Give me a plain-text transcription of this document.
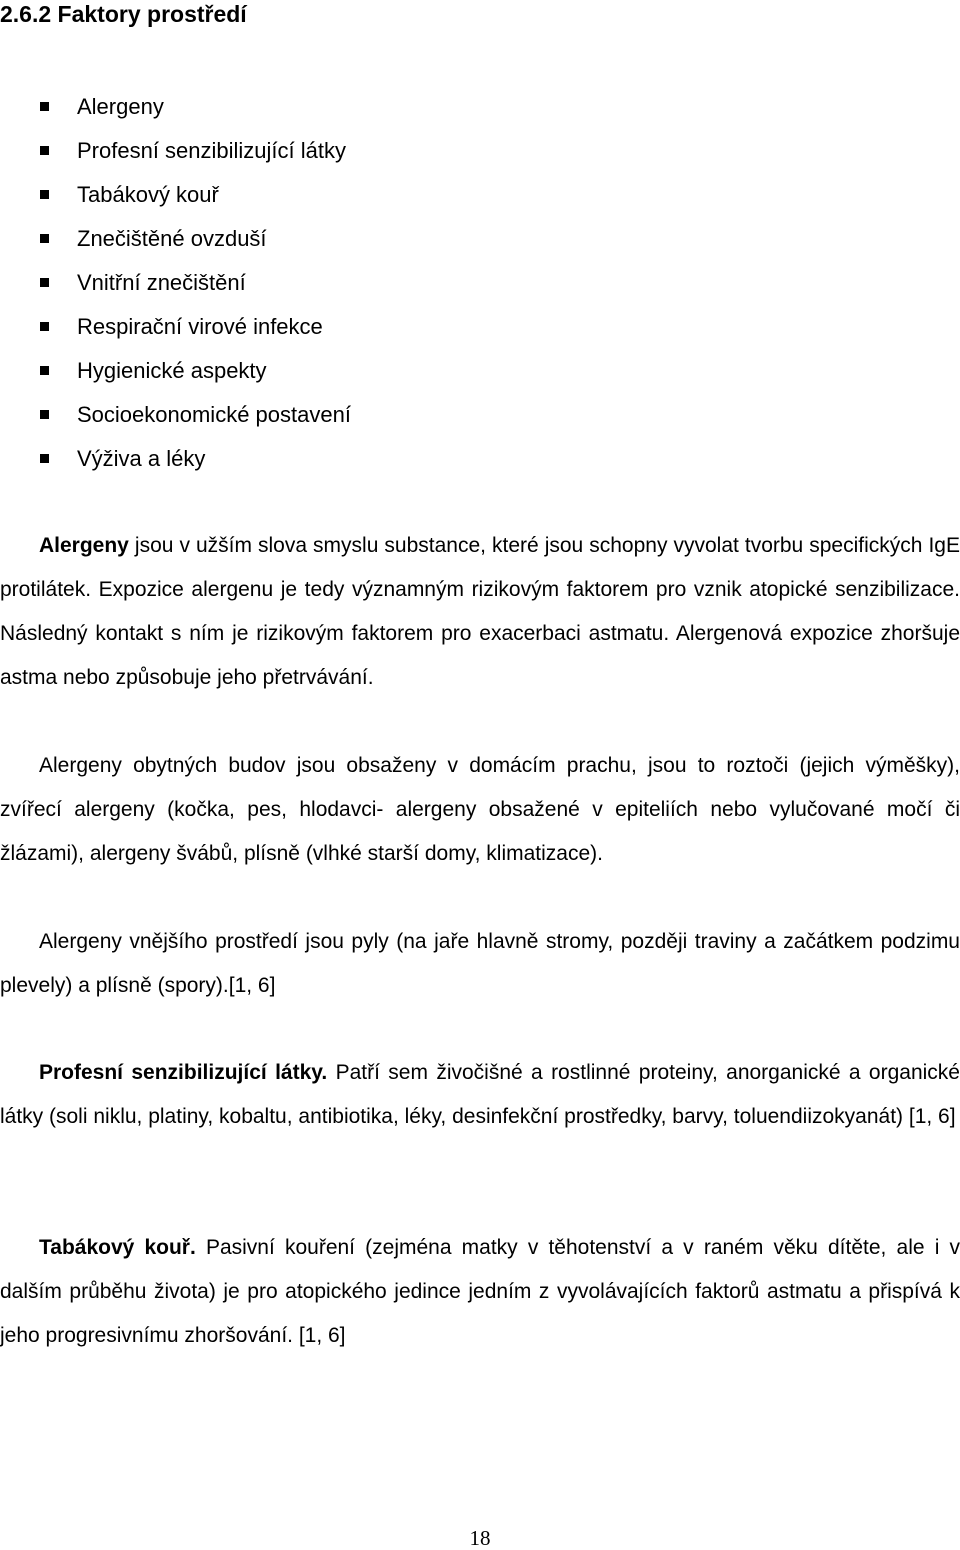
2.6.2 Faktory prostředí
Alergeny
Profesní senzibilizující látky
Tabákový kouř
Znečištěné ovzduší
Vnitřní znečištění
Respirační virové infekce
Hygienické aspekty
Socioekonomické postavení
Výživa a léky

Alergeny jsou v užším slova smyslu substance, které jsou schopny vyvolat tvorbu specifických IgE protilátek. Expozice alergenu je tedy významným rizikovým faktorem pro vznik atopické senzibilizace. Následný kontakt s ním je rizikovým faktorem pro exacerbaci astmatu. Alergenová expozice zhoršuje astma nebo způsobuje jeho přetrvávání.

Alergeny obytných budov jsou obsaženy v domácím prachu, jsou to roztoči (jejich výměšky), zvířecí alergeny (kočka, pes, hlodavci- alergeny obsažené v epiteliích nebo vylučované močí či žlázami), alergeny švábů, plísně (vlhké starší domy, klimatizace).

Alergeny vnějšího prostředí jsou pyly (na jaře hlavně stromy, později traviny a začátkem podzimu plevely) a plísně (spory).[1, 6]

Profesní senzibilizující látky. Patří sem živočišné a rostlinné proteiny, anorganické a organické látky (soli niklu, platiny, kobaltu, antibiotika, léky, desinfekční prostředky, barvy, toluendiizokyanát) [1, 6]

Tabákový kouř. Pasivní kouření (zejména matky v těhotenství a v raném věku dítěte, ale i v dalším průběhu života) je pro atopického jedince jedním z vyvolávajících faktorů astmatu a přispívá k jeho progresivnímu zhoršování. [1, 6]

18
